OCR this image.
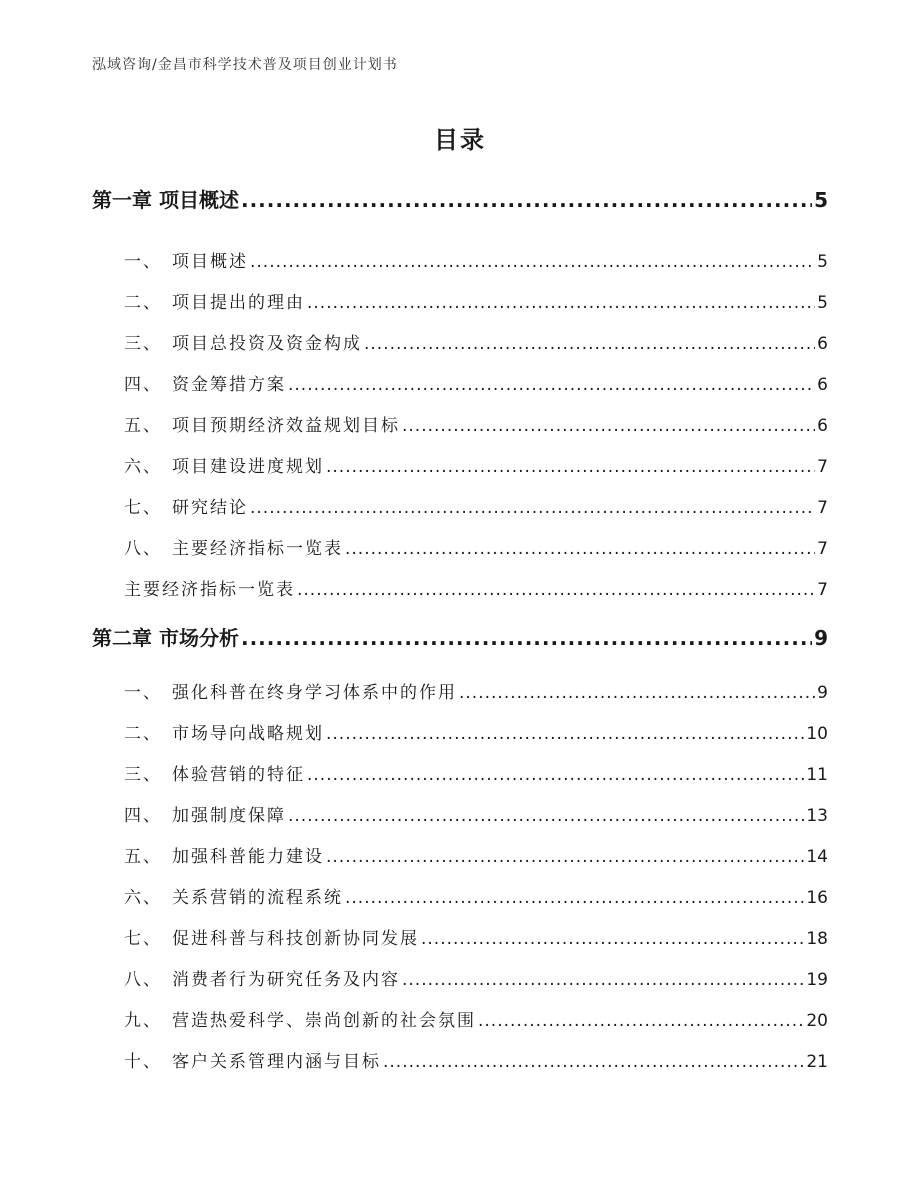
泓域咨询/金昌市科学技术普及项目创业计划书
目录
第一章 项目概述 .....	5
一、 项目概述 .....	5
二、 项目提出的理由 .....	5
三、 项目总投资及资金构成 .....	6
四、 资金筹措方案 .....	6
五、 项目预期经济效益规划目标 .....	6
六、 项目建设进度规划 .....	7
七、 研究结论 .....	7
八、 主要经济指标一览表 .....	7
主要经济指标一览表 .....	7
第二章 市场分析 .....	9
一、 强化科普在终身学习体系中的作用 .....	9
二、 市场导向战略规划 .....	10
三、 体验营销的特征 .....	11
四、 加强制度保障 .....	13
五、 加强科普能力建设 .....	14
六、 关系营销的流程系统 .....	16
七、 促进科普与科技创新协同发展 .....	18
八、 消费者行为研究任务及内容 .....	19
九、 营造热爱科学、崇尚创新的社会氛围 .....	20
十、 客户关系管理内涵与目标 .....	21
